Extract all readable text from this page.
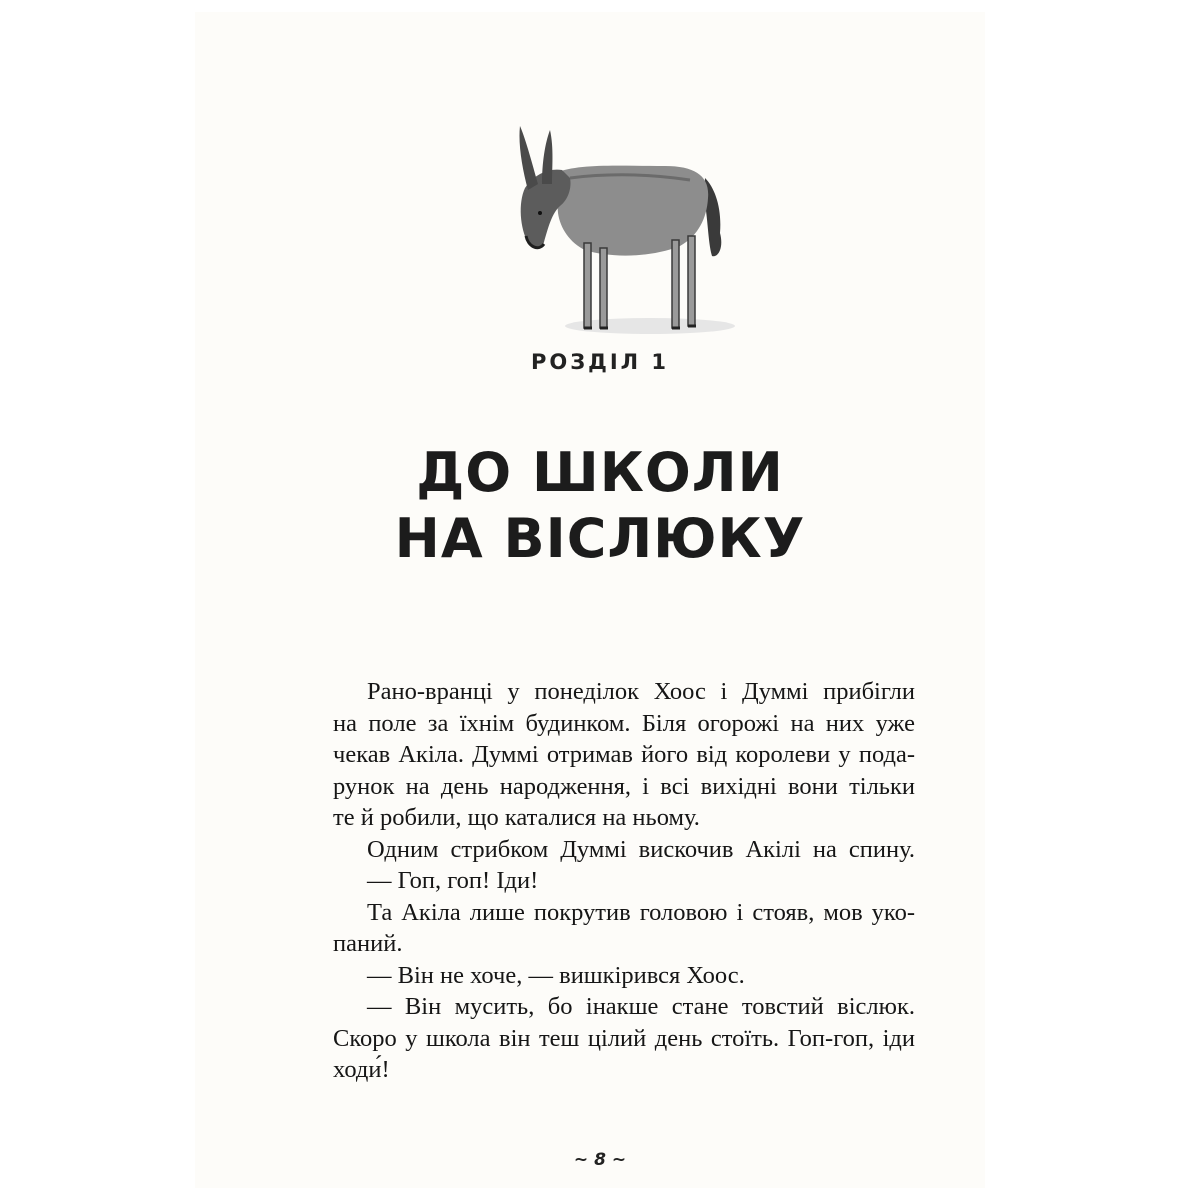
РОЗДІЛ 1
ДО ШКОЛИ
НА ВІСЛЮКУ
Рано-вранці у понеділок Хоос і Думмі прибігли
на поле за їхнім будинком. Біля огорожі на них уже
чекав Акіла. Думмі отримав його від королеви у пода-
рунок на день народження, і всі вихідні вони тільки
те й робили, що каталися на ньому.
Одним стрибком Думмі вискочив Акілі на спину.
— Гоп, гоп! Іди!
Та Акіла лише покрутив головою і стояв, мов уко-
паний.
— Він не хоче, — вишкірився Хоос.
— Він мусить, бо інакше стане товстий віслюк.
Скоро у школа він теш цілий день стоїть. Гоп-гоп, іди
ходи́!
~ 8 ~
